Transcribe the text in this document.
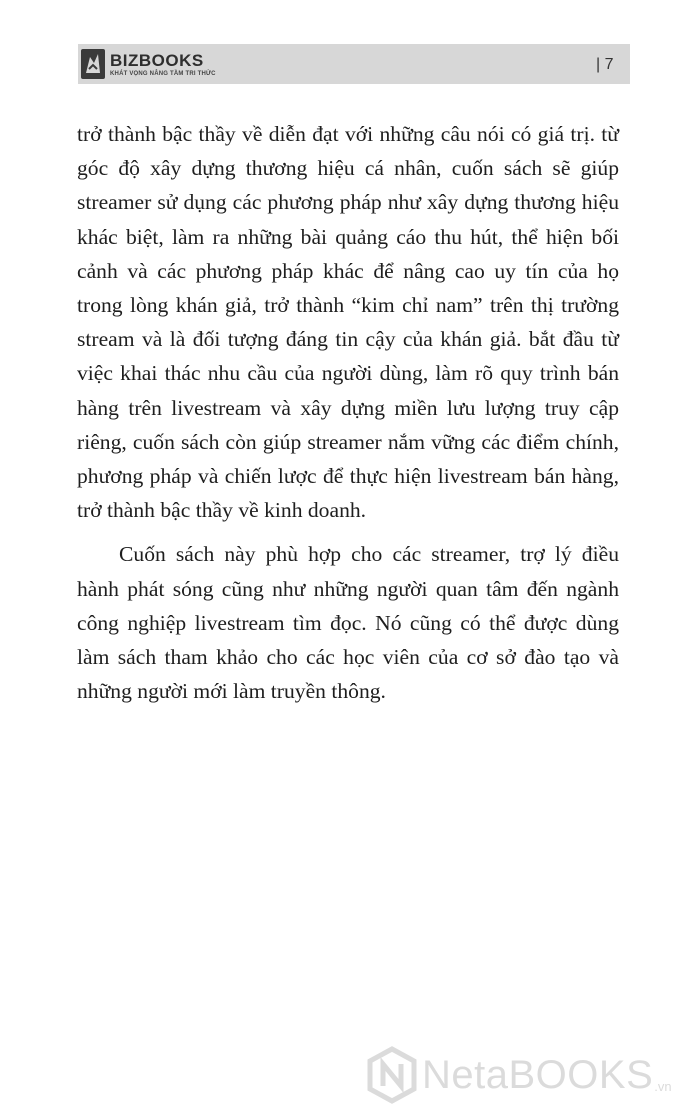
BIZBOOKS
KHÁT VỌNG NÂNG TẦM TRI THỨC
| 7

trở thành bậc thầy về diễn đạt với những câu nói có giá trị. từ góc độ xây dựng thương hiệu cá nhân, cuốn sách sẽ giúp streamer sử dụng các phương pháp như xây dựng thương hiệu khác biệt, làm ra những bài quảng cáo thu hút, thể hiện bối cảnh và các phương pháp khác để nâng cao uy tín của họ trong lòng khán giả, trở thành “kim chỉ nam” trên thị trường stream và là đối tượng đáng tin cậy của khán giả. bắt đầu từ việc khai thác nhu cầu của người dùng, làm rõ quy trình bán hàng trên livestream và xây dựng miền lưu lượng truy cập riêng, cuốn sách còn giúp streamer nắm vững các điểm chính, phương pháp và chiến lược để thực hiện livestream bán hàng, trở thành bậc thầy về kinh doanh.

Cuốn sách này phù hợp cho các streamer, trợ lý điều hành phát sóng cũng như những người quan tâm đến ngành công nghiệp livestream tìm đọc. Nó cũng có thể được dùng làm sách tham khảo cho các học viên của cơ sở đào tạo và những người mới làm truyền thông.

NetaBOOKS .vn
